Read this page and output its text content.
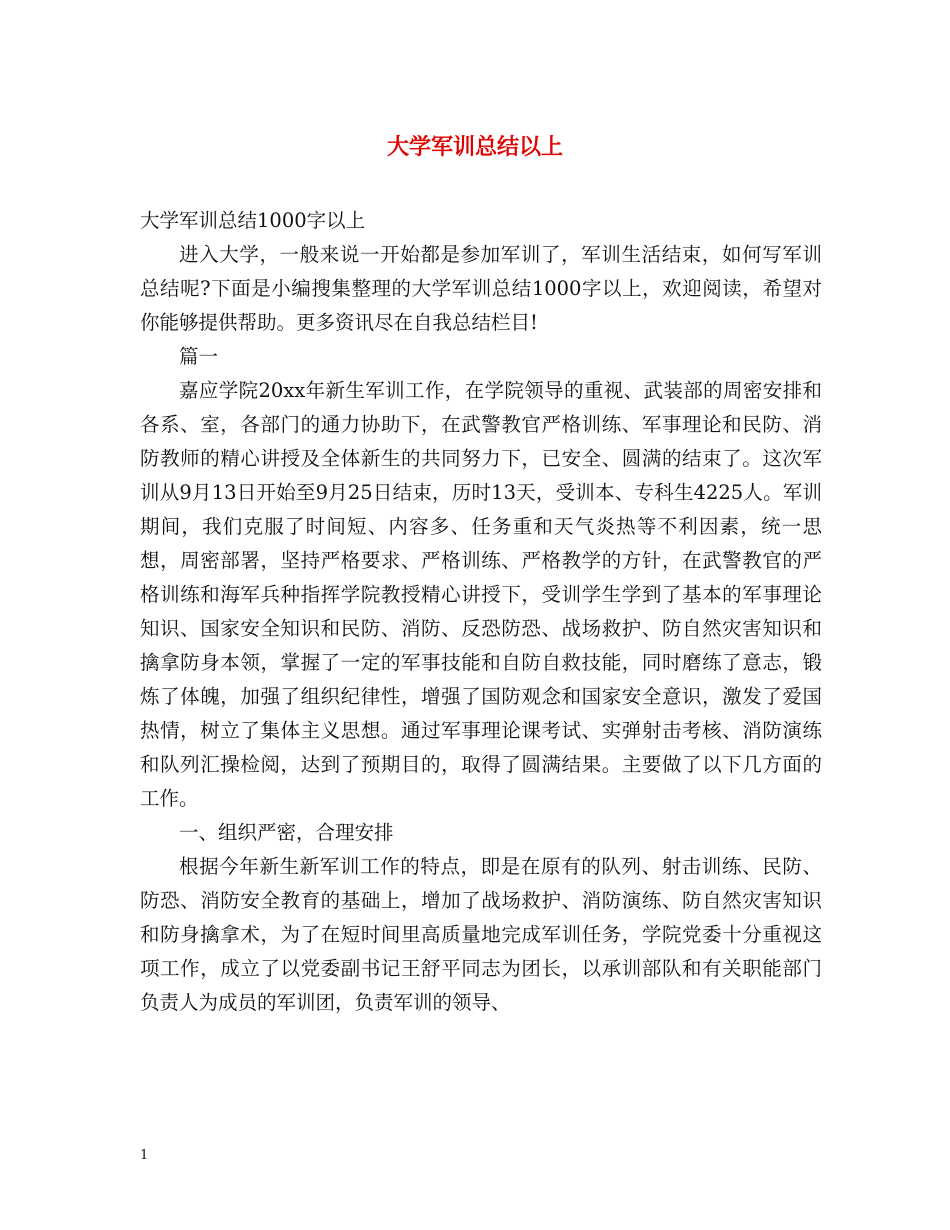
大学军训总结以上

大学军训总结1000字以上

进入大学，一般来说一开始都是参加军训了，军训生活结束，如何写军训总结呢?下面是小编搜集整理的大学军训总结1000字以上，欢迎阅读，希望对你能够提供帮助。更多资讯尽在自我总结栏目!

篇一

嘉应学院20xx年新生军训工作，在学院领导的重视、武装部的周密安排和各系、室，各部门的通力协助下，在武警教官严格训练、军事理论和民防、消防教师的精心讲授及全体新生的共同努力下，已安全、圆满的结束了。这次军训从9月13日开始至9月25日结束，历时13天，受训本、专科生4225人。军训期间，我们克服了时间短、内容多、任务重和天气炎热等不利因素，统一思想，周密部署，坚持严格要求、严格训练、严格教学的方针，在武警教官的严格训练和海军兵种指挥学院教授精心讲授下，受训学生学到了基本的军事理论知识、国家安全知识和民防、消防、反恐防恐、战场救护、防自然灾害知识和擒拿防身本领，掌握了一定的军事技能和自防自救技能，同时磨练了意志，锻炼了体魄，加强了组织纪律性，增强了国防观念和国家安全意识，激发了爱国热情，树立了集体主义思想。通过军事理论课考试、实弹射击考核、消防演练和队列汇操检阅，达到了预期目的，取得了圆满结果。主要做了以下几方面的工作。

一、组织严密，合理安排

根据今年新生新军训工作的特点，即是在原有的队列、射击训练、民防、防恐、消防安全教育的基础上，增加了战场救护、消防演练、防自然灾害知识和防身擒拿术，为了在短时间里高质量地完成军训任务，学院党委十分重视这项工作，成立了以党委副书记王舒平同志为团长，以承训部队和有关职能部门负责人为成员的军训团，负责军训的领导、

1
